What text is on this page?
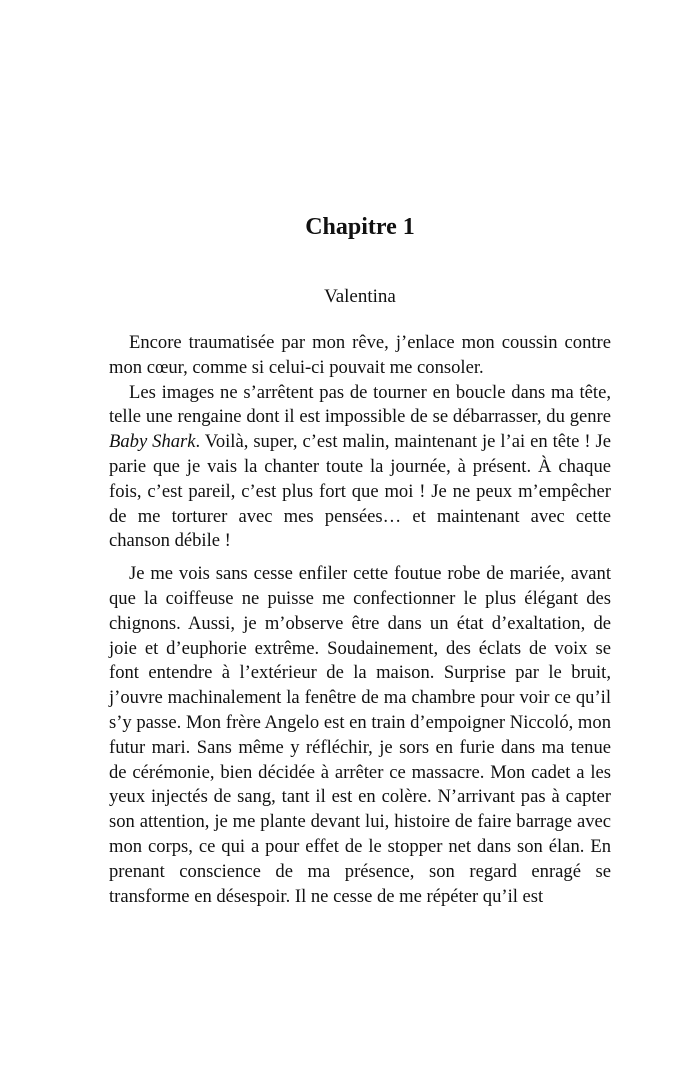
Chapitre 1

Valentina

Encore traumatisée par mon rêve, j’enlace mon coussin contre mon cœur, comme si celui-ci pouvait me consoler.

Les images ne s’arrêtent pas de tourner en boucle dans ma tête, telle une rengaine dont il est impossible de se débarrasser, du genre Baby Shark. Voilà, super, c’est malin, maintenant je l’ai en tête ! Je parie que je vais la chanter toute la journée, à présent. À chaque fois, c’est pareil, c’est plus fort que moi ! Je ne peux m’empêcher de me torturer avec mes pensées… et maintenant avec cette chanson débile !

Je me vois sans cesse enfiler cette foutue robe de mariée, avant que la coiffeuse ne puisse me confectionner le plus élégant des chignons. Aussi, je m’observe être dans un état d’exaltation, de joie et d’euphorie extrême. Soudainement, des éclats de voix se font entendre à l’extérieur de la maison. Surprise par le bruit, j’ouvre machinalement la fenêtre de ma chambre pour voir ce qu’il s’y passe. Mon frère Angelo est en train d’empoigner Niccoló, mon futur mari. Sans même y réfléchir, je sors en furie dans ma tenue de cérémonie, bien décidée à arrêter ce massacre. Mon cadet a les yeux injectés de sang, tant il est en colère. N’arrivant pas à capter son attention, je me plante devant lui, histoire de faire barrage avec mon corps, ce qui a pour effet de le stopper net dans son élan. En prenant conscience de ma présence, son regard enragé se transforme en désespoir. Il ne cesse de me répéter qu’il est
